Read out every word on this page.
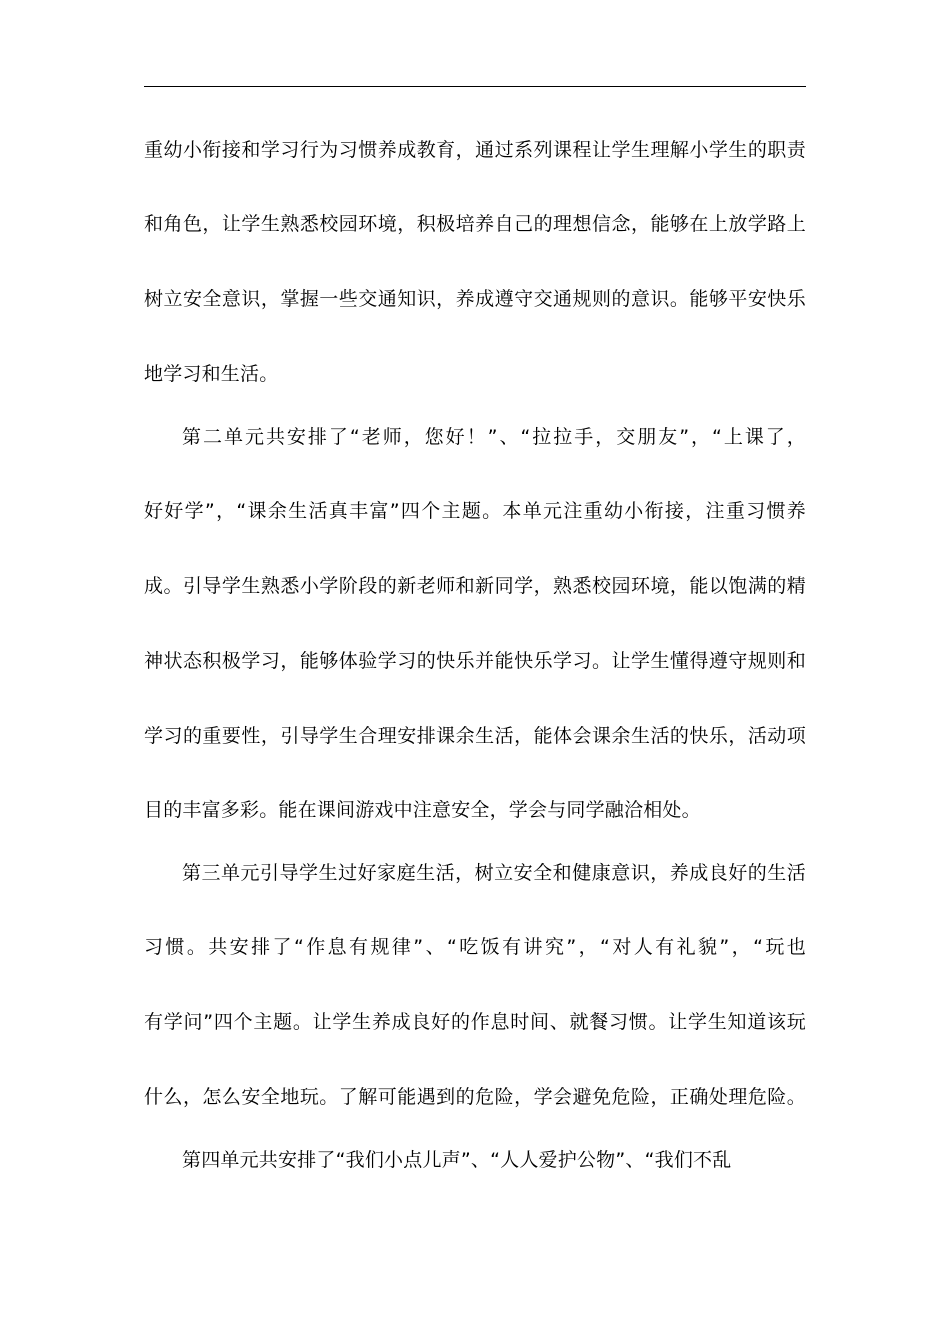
重幼小衔接和学习行为习惯养成教育，通过系列课程让学生理解小学生的职责
和角色，让学生熟悉校园环境，积极培养自己的理想信念，能够在上放学路上
树立安全意识，掌握一些交通知识，养成遵守交通规则的意识。能够平安快乐
地学习和生活。
第二单元共安排了“老师，您好！”、“拉拉手，交朋友”，“上课了，
好好学”，“课余生活真丰富”四个主题。本单元注重幼小衔接，注重习惯养
成。引导学生熟悉小学阶段的新老师和新同学，熟悉校园环境，能以饱满的精
神状态积极学习，能够体验学习的快乐并能快乐学习。让学生懂得遵守规则和
学习的重要性，引导学生合理安排课余生活，能体会课余生活的快乐，活动项
目的丰富多彩。能在课间游戏中注意安全，学会与同学融洽相处。
第三单元引导学生过好家庭生活，树立安全和健康意识，养成良好的生活
习惯。共安排了“作息有规律”、“吃饭有讲究”，“对人有礼貌”，“玩也
有学问”四个主题。让学生养成良好的作息时间、就餐习惯。让学生知道该玩
什么，怎么安全地玩。了解可能遇到的危险，学会避免危险，正确处理危险。
第四单元共安排了“我们小点儿声”、“人人爱护公物”、“我们不乱
